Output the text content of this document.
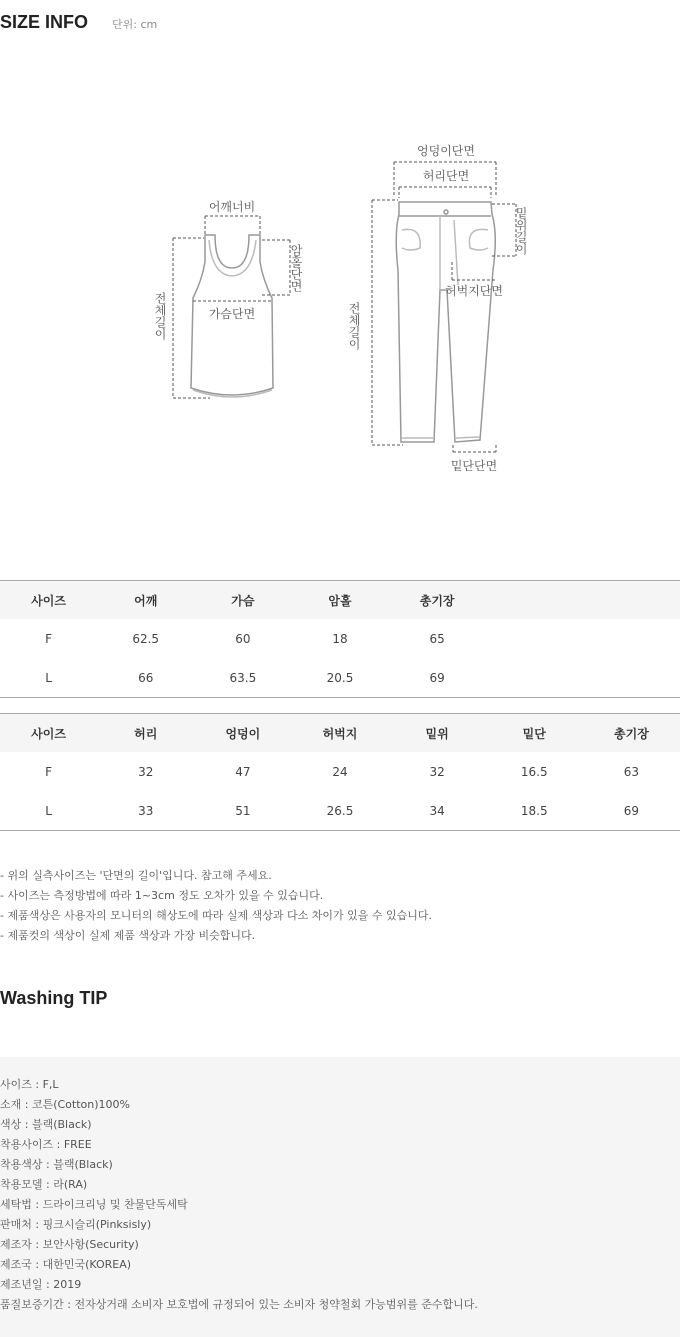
SIZE INFO 단위: cm
어깨너비
가슴단면
암홀단면
전체길이
엉덩이단면
허리단면
밑위길이
허벅지단면
전체길이
밑단단면
사이즈	어깨	가슴	암홀	총기장		
F	62.5	60	18	65		
L	66	63.5	20.5	69		
사이즈	허리	엉덩이	허벅지	밑위	밑단	총기장
F	32	47	24	32	16.5	63
L	33	51	26.5	34	18.5	69
- 위의 실측사이즈는 '단면의 길이'입니다. 참고해 주세요.
- 사이즈는 측정방법에 따라 1~3cm 정도 오차가 있을 수 있습니다.
- 제품색상은 사용자의 모니터의 해상도에 따라 실제 색상과 다소 차이가 있을 수 있습니다.
- 제품컷의 색상이 실제 제품 색상과 가장 비슷합니다.
Washing TIP
사이즈 : F,L
소재 : 코튼(Cotton)100%
색상 : 블랙(Black)
착용사이즈 : FREE
착용색상 : 블랙(Black)
착용모델 : 라(RA)
세탁법 : 드라이크리닝 및 찬물단독세탁
판매처 : 핑크시슬리(Pinksisly)
제조자 : 보안사항(Security)
제조국 : 대한민국(KOREA)
제조년일 : 2019
품질보증기간 : 전자상거래 소비자 보호법에 규정되어 있는 소비자 청약철회 가능범위를 준수합니다.
